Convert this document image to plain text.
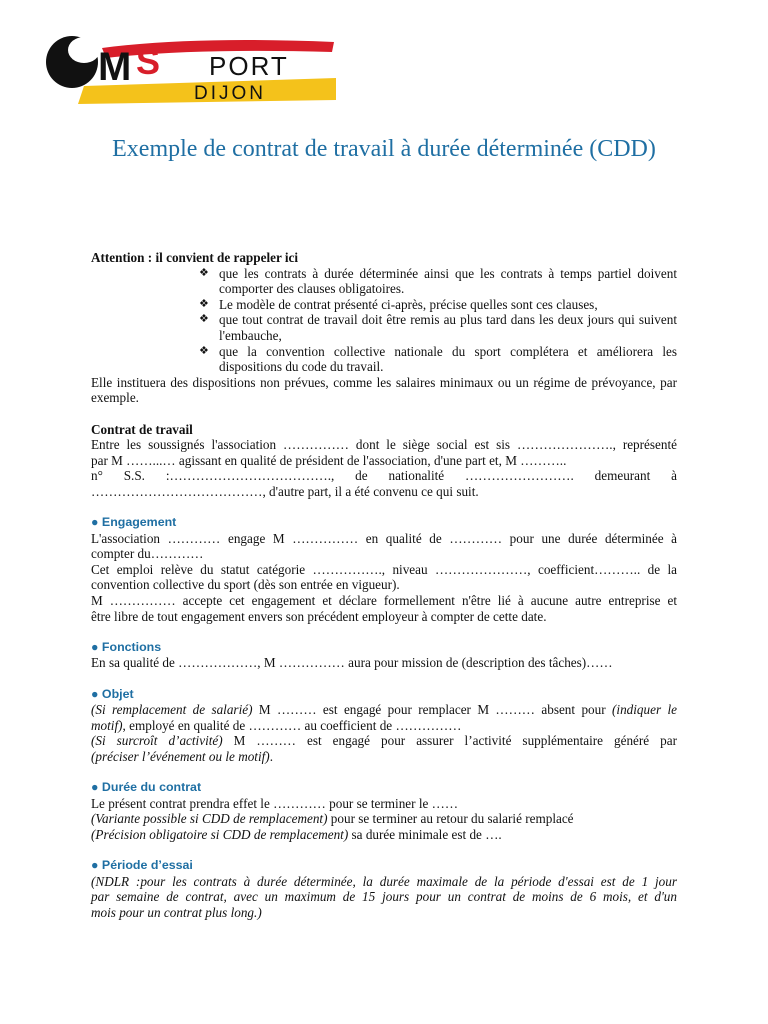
M S PORT
DIJON
Exemple de contrat de travail à durée déterminée (CDD)

Attention : il convient de rappeler ici

❖ que les contrats à durée déterminée ainsi que les contrats à temps partiel doivent comporter des clauses obligatoires.
❖ Le modèle de contrat présenté ci-après, précise quelles sont ces clauses,
❖ que tout contrat de travail doit être remis au plus tard dans les deux jours qui suivent l'embauche,
❖ que la convention collective nationale du sport complétera et améliorera les dispositions du code du travail.

Elle instituera des dispositions non prévues, comme les salaires minimaux ou un régime de prévoyance, par exemple.

Contrat de travail

Entre les soussignés l'association …………… dont le siège social est sis …………………., représenté

par M ……...… agissant en qualité de président de l'association, d'une part et, M ………..

n° S.S. :………………………………., de nationalité ……………………. demeurant à

…………………………………, d'autre part, il a été convenu ce qui suit.

● Engagement

L'association ………… engage M …………… en qualité de ………… pour une durée déterminée à

compter du…………

Cet emploi relève du statut catégorie ……………., niveau …………………, coefficient……….. de la

convention collective du sport (dès son entrée en vigueur).

M …………… accepte cet engagement et déclare formellement n'être lié à aucune autre entreprise et

être libre de tout engagement envers son précédent employeur à compter de cette date.

● Fonctions

En sa qualité de ………………, M …………… aura pour mission de (description des tâches)……

● Objet

(Si remplacement de salarié) M ……… est engagé pour remplacer M ……… absent pour (indiquer le

motif), employé en qualité de ………… au coefficient de ……………

(Si surcroît d’activité) M ……… est engagé pour assurer l’activité supplémentaire généré par

(préciser l’événement ou le motif).

● Durée du contrat

Le présent contrat prendra effet le ………… pour se terminer le ……

(Variante possible si CDD de remplacement) pour se terminer au retour du salarié remplacé

(Précision obligatoire si CDD de remplacement) sa durée minimale est de ….

● Période d’essai

(NDLR :pour les contrats à durée déterminée, la durée maximale de la période d'essai est de 1 jour

par semaine de contrat, avec un maximum de 15 jours pour un contrat de moins de 6 mois, et d'un

mois pour un contrat plus long.)
